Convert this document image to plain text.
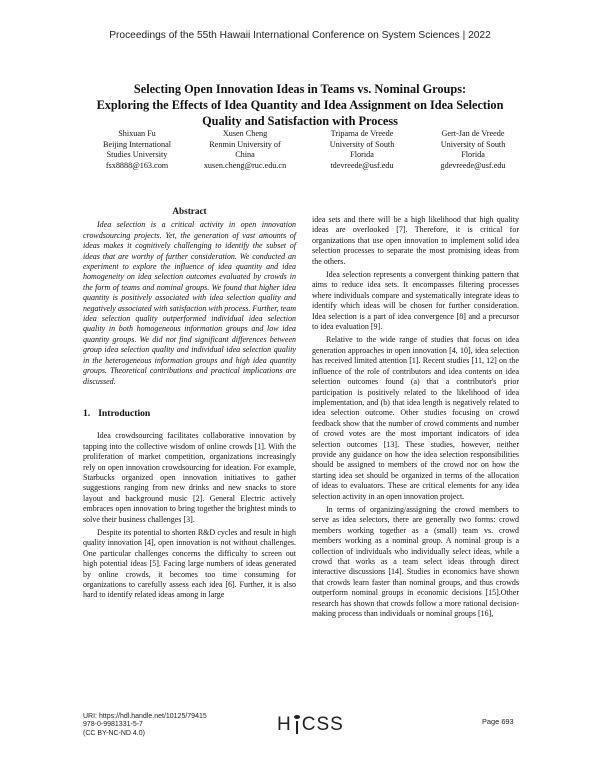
Proceedings of the 55th Hawaii International Conference on System Sciences | 2022
Selecting Open Innovation Ideas in Teams vs. Nominal Groups:
Exploring the Effects of Idea Quantity and Idea Assignment on Idea Selection
Quality and Satisfaction with Process
Shixuan Fu
Beijing International
Studies University
fsx8888@163.com
Xusen Cheng
Renmin University of
China
xusen.cheng@ruc.edu.cn
Triparna de Vreede
University of South
Florida
tdevreede@usf.edu
Gert-Jan de Vreede
University of South
Florida
gdevreede@usf.edu
Abstract

Idea selection is a critical activity in open innovation crowdsourcing projects. Yet, the generation of vast amounts of ideas makes it cognitively challenging to identify the subset of ideas that are worthy of further consideration. We conducted an experiment to explore the influence of idea quantity and idea homogeneity on idea selection outcomes evaluated by crowds in the form of teams and nominal groups. We found that higher idea quantity is positively associated with idea selection quality and negatively associated with satisfaction with process. Further, team idea selection quality outperformed individual idea selection quality in both homogeneous information groups and low idea quantity groups. We did not find significant differences between group idea selection quality and individual idea selection quality in the heterogeneous information groups and high idea quantity groups. Theoretical contributions and practical implications are discussed.

1. Introduction

Idea crowdsourcing facilitates collaborative innovation by tapping into the collective wisdom of online crowds [1]. With the proliferation of market competition, organizations increasingly rely on open innovation crowdsourcing for ideation. For example, Starbucks organized open innovation initiatives to gather suggestions ranging from new drinks and new snacks to store layout and background music [2]. General Electric actively embraces open innovation to bring together the brightest minds to solve their business challenges [3].

Despite its potential to shorten R&D cycles and result in high quality innovation [4], open innovation is not without challenges. One particular challenges concerns the difficulty to screen out high potential ideas [5]. Facing large numbers of ideas generated by online crowds, it becomes too time consuming for organizations to carefully assess each idea [6]. Further, it is also hard to identify related ideas among in large

idea sets and there will be a high likelihood that high quality ideas are overlooked [7]. Therefore, it is critical for organizations that use open innovation to implement solid idea selection processes to separate the most promising ideas from the others.

Idea selection represents a convergent thinking pattern that aims to reduce idea sets. It encompasses filtering processes where individuals compare and systematically integrate ideas to identify which ideas will be chosen for further consideration. Idea selection is a part of idea convergence [8] and a precursor to idea evaluation [9].

Relative to the wide range of studies that focus on idea generation approaches in open innovation [4, 10], idea selection has received limited attention [1]. Recent studies [11, 12] on the influence of the role of contributors and idea contents on idea selection outcomes found (a) that a contributor's prior participation is positively related to the likelihood of idea implementation, and (b) that idea length is negatively related to idea selection outcome. Other studies focusing on crowd feedback show that the number of crowd comments and number of crowd votes are the most important indicators of idea selection outcomes [13]. These studies, however, neither provide any guidance on how the idea selection responsibilities should be assigned to members of the crowd nor on how the starting idea set should be organized in terms of the allocation of ideas to evaluators. These are critical elements for any idea selection activity in an open innovation project.

In terms of organizing/assigning the crowd members to serve as idea selectors, there are generally two forms: crowd members working together as a (small) team vs. crowd members working as a nominal group. A nominal group is a collection of individuals who individually select ideas, while a crowd that works as a team select ideas through direct interactive discussions [14]. Studies in economics have shown that crowds learn faster than nominal groups, and thus crowds outperform nominal groups in economic decisions [15].Other research has shown that crowds follow a more rational decision-making process than individuals or nominal groups [16],

URI: https://hdl.handle.net/10125/79415
978-0-9981331-5-7
(CC BY-NC-ND 4.0)	H CSS	Page 693
